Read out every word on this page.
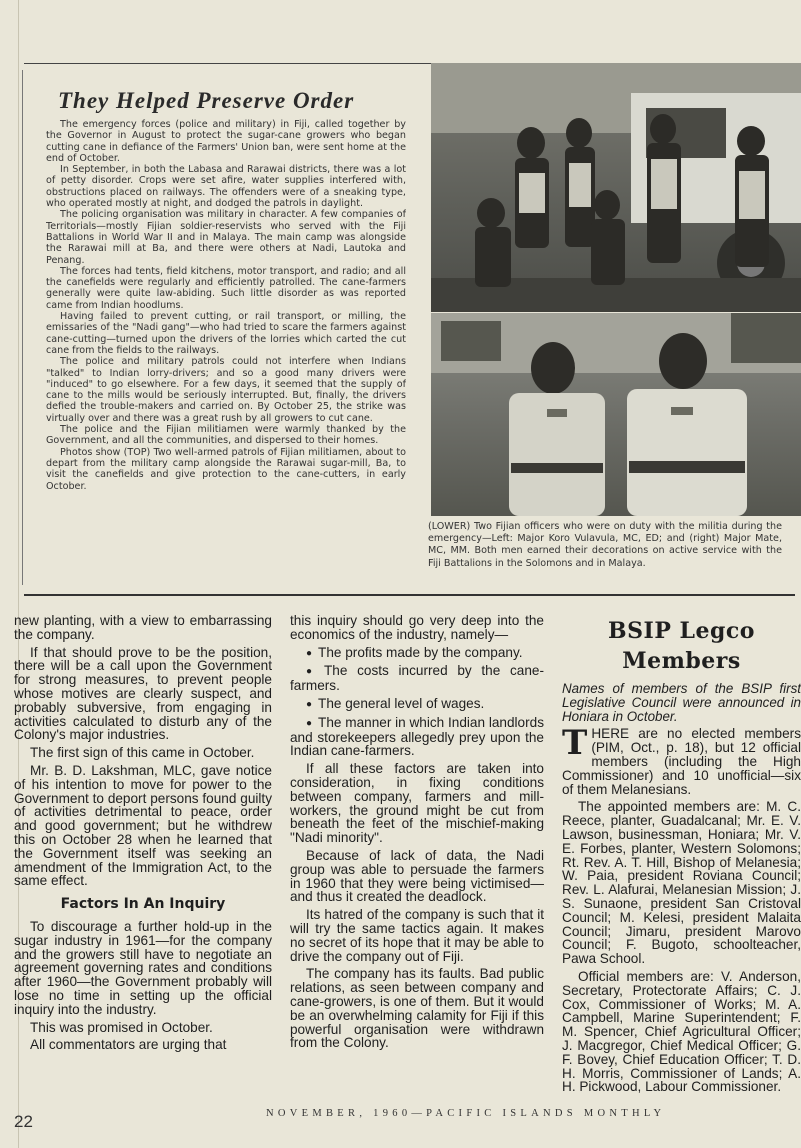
They Helped Preserve Order

The emergency forces (police and military) in Fiji, called together by the Governor in August to protect the sugar-cane growers who began cutting cane in defiance of the Farmers' Union ban, were sent home at the end of October.

In September, in both the Labasa and Rarawai districts, there was a lot of petty disorder. Crops were set afire, water supplies interfered with, obstructions placed on railways. The offenders were of a sneaking type, who operated mostly at night, and dodged the patrols in daylight.

The policing organisation was military in character. A few companies of Territorials—mostly Fijian soldier-reservists who served with the Fiji Battalions in World War II and in Malaya. The main camp was alongside the Rarawai mill at Ba, and there were others at Nadi, Lautoka and Penang.

The forces had tents, field kitchens, motor transport, and radio; and all the canefields were regularly and efficiently patrolled. The cane-farmers generally were quite law-abiding. Such little disorder as was reported came from Indian hoodlums.

Having failed to prevent cutting, or rail transport, or milling, the emissaries of the "Nadi gang"—who had tried to scare the farmers against cane-cutting—turned upon the drivers of the lorries which carted the cut cane from the fields to the railways.

The police and military patrols could not interfere when Indians "talked" to Indian lorry-drivers; and so a good many drivers were "induced" to go elsewhere. For a few days, it seemed that the supply of cane to the mills would be seriously interrupted. But, finally, the drivers defied the trouble-makers and carried on. By October 25, the strike was virtually over and there was a great rush by all growers to cut cane.

The police and the Fijian militiamen were warmly thanked by the Government, and all the communities, and dispersed to their homes.

Photos show (TOP) Two well-armed patrols of Fijian militiamen, about to depart from the military camp alongside the Rarawai sugar-mill, Ba, to visit the canefields and give protection to the cane-cutters, in early October.

(LOWER) Two Fijian officers who were on duty with the militia during the emergency—Left: Major Koro Vulavula, MC, ED; and (right) Major Mate, MC, MM. Both men earned their decorations on active service with the Fiji Battalions in the Solomons and in Malaya.

new planting, with a view to embarrassing the company.

If that should prove to be the position, there will be a call upon the Government for strong measures, to prevent people whose motives are clearly suspect, and probably subversive, from engaging in activities calculated to disturb any of the Colony's major industries.

The first sign of this came in October.

Mr. B. D. Lakshman, MLC, gave notice of his intention to move for power to the Government to deport persons found guilty of activities detrimental to peace, order and good government; but he withdrew this on October 28 when he learned that the Government itself was seeking an amendment of the Immigration Act, to the same effect.

Factors In An Inquiry

To discourage a further hold-up in the sugar industry in 1961—for the company and the growers still have to negotiate an agreement governing rates and conditions after 1960—the Government probably will lose no time in setting up the official inquiry into the industry.

This was promised in October.

All commentators are urging that

this inquiry should go very deep into the economics of the industry, namely—

● The profits made by the company.

● The costs incurred by the cane-farmers.

● The general level of wages.

● The manner in which Indian landlords and storekeepers allegedly prey upon the Indian cane-farmers.

If all these factors are taken into consideration, in fixing conditions between company, farmers and mill-workers, the ground might be cut from beneath the feet of the mischief-making "Nadi minority".

Because of lack of data, the Nadi group was able to persuade the farmers in 1960 that they were being victimised—and thus it created the deadlock.

Its hatred of the company is such that it will try the same tactics again. It makes no secret of its hope that it may be able to drive the company out of Fiji.

The company has its faults. Bad public relations, as seen between company and cane-growers, is one of them. But it would be an overwhelming calamity for Fiji if this powerful organisation were withdrawn from the Colony.

BSIP Legco Members

Names of members of the BSIP first Legislative Council were announced in Honiara in October.

THERE are no elected members (PIM, Oct., p. 18), but 12 official members (including the High Commissioner) and 10 unofficial—six of them Melanesians.

The appointed members are: M. C. Reece, planter, Guadalcanal; Mr. E. V. Lawson, businessman, Honiara; Mr. V. E. Forbes, planter, Western Solomons; Rt. Rev. A. T. Hill, Bishop of Melanesia; W. Paia, president Roviana Council; Rev. L. Alafurai, Melanesian Mission; J. S. Sunaone, president San Cristoval Council; M. Kelesi, president Malaita Council; Jimaru, president Marovo Council; F. Bugoto, schoolteacher, Pawa School.

Official members are: V. Anderson, Secretary, Protectorate Affairs; C. J. Cox, Commissioner of Works; M. A. Campbell, Marine Superintendent; F. M. Spencer, Chief Agricultural Officer; J. Macgregor, Chief Medical Officer; G. F. Bovey, Chief Education Officer; T. D. H. Morris, Commissioner of Lands; A. H. Pickwood, Labour Commissioner.

22	NOVEMBER, 1960—PACIFIC ISLANDS MONTHLY
